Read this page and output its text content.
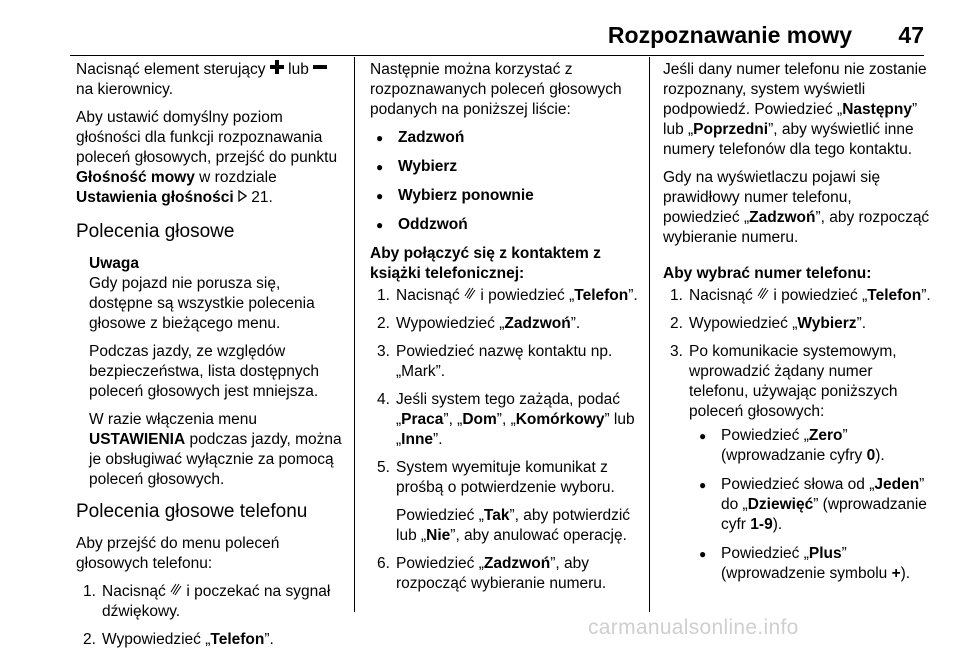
Rozpoznawanie mowy 47

Nacisnąć element sterujący  lub
na kierownicy.

Aby ustawić domyślny poziom głośności dla funkcji rozpoznawania poleceń głosowych, przejść do punktu Głośność mowy w rozdziale Ustawienia głośności  21.

Polecenia głosowe

Uwaga

Gdy pojazd nie porusza się, dostępne są wszystkie polecenia głosowe z bieżącego menu.

Podczas jazdy, ze względów bezpieczeństwa, lista dostępnych poleceń głosowych jest mniejsza.

W razie włączenia menu USTAWIENIA podczas jazdy, można je obsługiwać wyłącznie za pomocą poleceń głosowych.

Polecenia głosowe telefonu

Aby przejść do menu poleceń głosowych telefonu:

1. Nacisnąć  i poczekać na sygnał dźwiękowy.
2. Wypowiedzieć „Telefon”.

Następnie można korzystać z rozpoznawanych poleceń głosowych podanych na poniższej liście:

● Zadzwoń
● Wybierz
● Wybierz ponownie
● Oddzwoń

Aby połączyć się z kontaktem z książki telefonicznej:

1. Nacisnąć  i powiedzieć „Telefon”.
2. Wypowiedzieć „Zadzwoń”.
3. Powiedzieć nazwę kontaktu np. „Mark”.
4. Jeśli system tego zażąda, podać „Praca”, „Dom”, „Komórkowy” lub „Inne”.
5. System wyemituje komunikat z prośbą o potwierdzenie wyboru.
Powiedzieć „Tak”, aby potwierdzić lub „Nie”, aby anulować operację.
6. Powiedzieć „Zadzwoń”, aby rozpocząć wybieranie numeru.

Jeśli dany numer telefonu nie zostanie rozpoznany, system wyświetli podpowiedź. Powiedzieć „Następny” lub „Poprzedni”, aby wyświetlić inne numery telefonów dla tego kontaktu.

Gdy na wyświetlaczu pojawi się prawidłowy numer telefonu, powiedzieć „Zadzwoń”, aby rozpocząć wybieranie numeru.

Aby wybrać numer telefonu:

1. Nacisnąć  i powiedzieć „Telefon”.
2. Wypowiedzieć „Wybierz”.
3. Po komunikacie systemowym, wprowadzić żądany numer telefonu, używając poniższych poleceń głosowych:
● Powiedzieć „Zero” (wprowadzanie cyfry 0).
● Powiedzieć słowa od „Jeden” do „Dziewięć” (wprowadzanie cyfr 1-9).
● Powiedzieć „Plus” (wprowadzenie symbolu +).
carmanualsonline.info
